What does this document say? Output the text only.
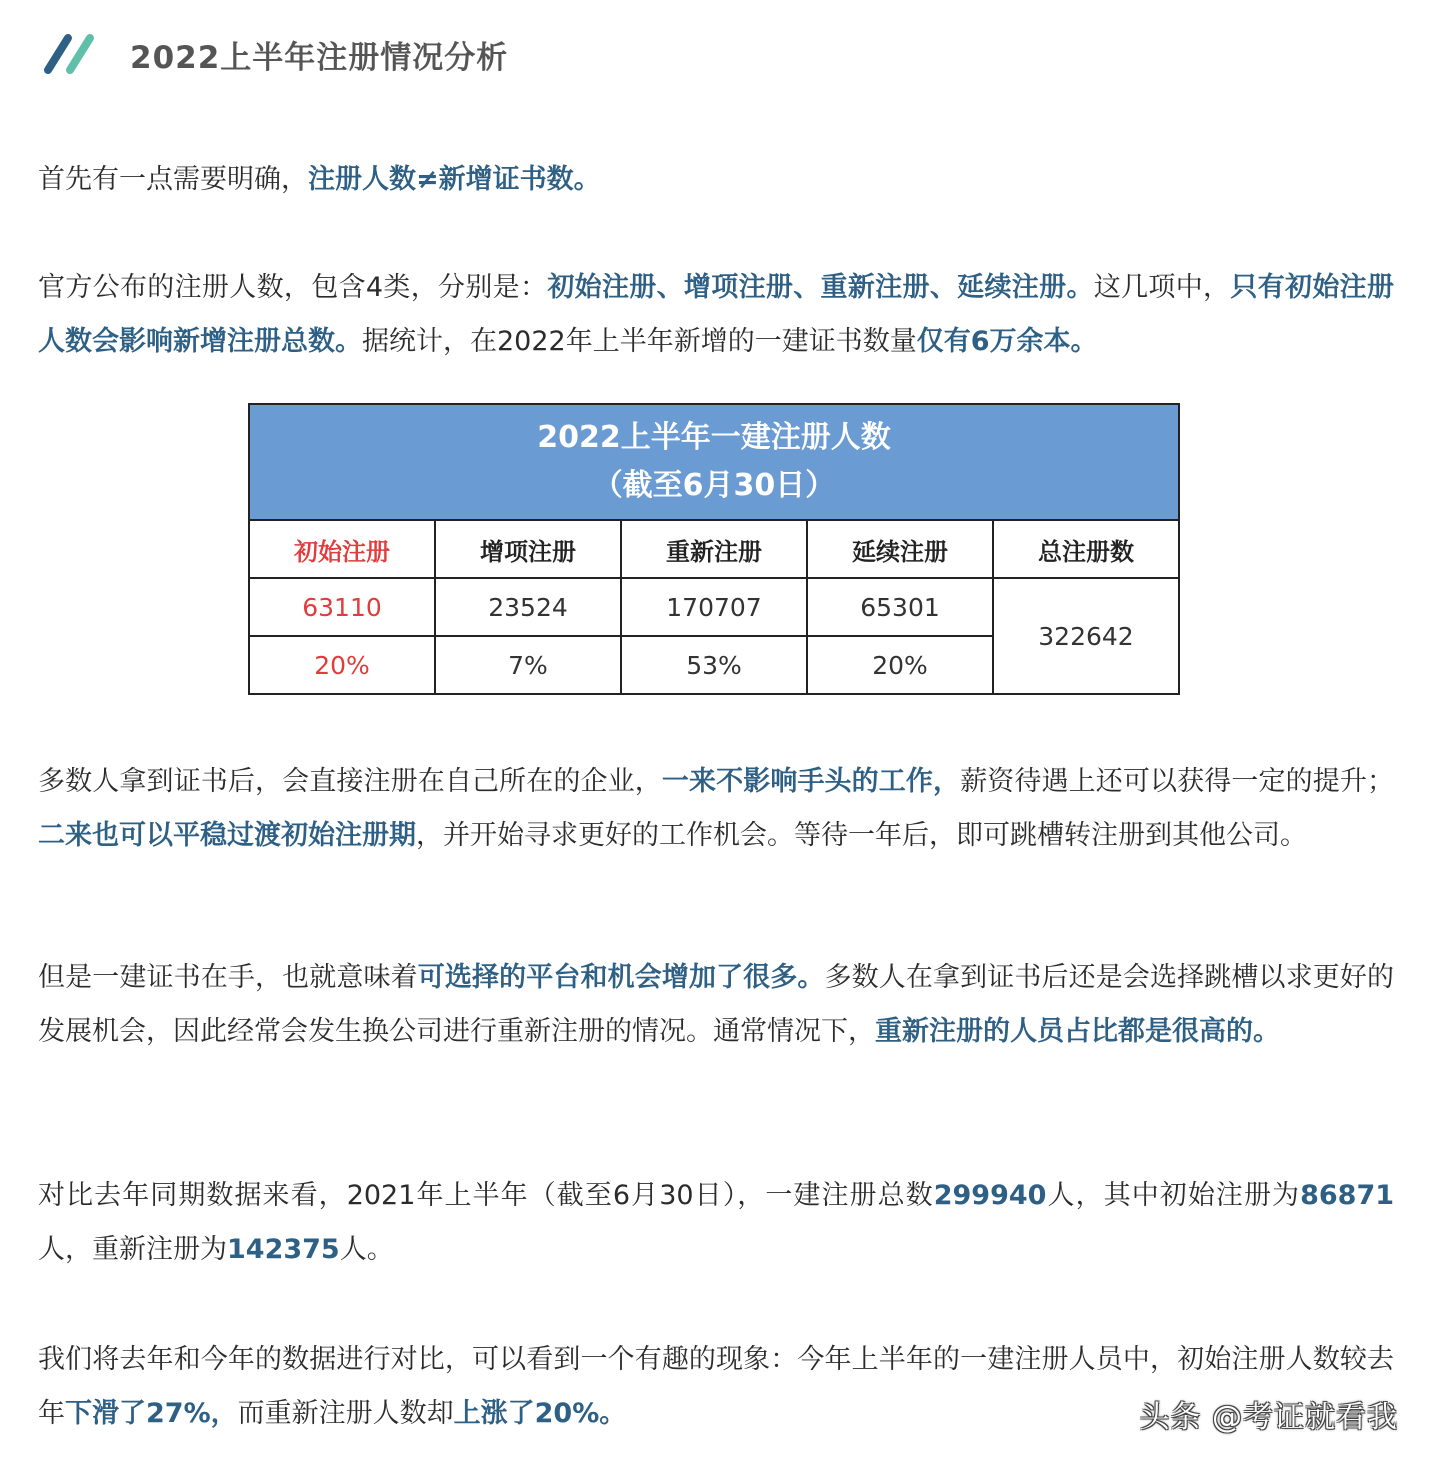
2022上半年注册情况分析

首先有一点需要明确，注册人数≠新增证书数。

官方公布的注册人数，包含4类，分别是：初始注册、增项注册、重新注册、延续注册。这几项中，只有初始注册人数会影响新增注册总数。据统计，在2022年上半年新增的一建证书数量仅有6万余本。

2022上半年一建注册人数
（截至6月30日）				

初始注册	增项注册	重新注册	延续注册	总注册数
63110	23524	170707	65301	322642
20%	7%	53%	20%	

多数人拿到证书后，会直接注册在自己所在的企业，一来不影响手头的工作，薪资待遇上还可以获得一定的提升；二来也可以平稳过渡初始注册期，并开始寻求更好的工作机会。等待一年后，即可跳槽转注册到其他公司。

但是一建证书在手，也就意味着可选择的平台和机会增加了很多。多数人在拿到证书后还是会选择跳槽以求更好的发展机会，因此经常会发生换公司进行重新注册的情况。通常情况下，重新注册的人员占比都是很高的。

对比去年同期数据来看，2021年上半年（截至6月30日），一建注册总数299940人，其中初始注册为86871人，重新注册为142375人。

我们将去年和今年的数据进行对比，可以看到一个有趣的现象：今年上半年的一建注册人员中，初始注册人数较去年下滑了27%，而重新注册人数却上涨了20%。	头条 @考证就看我
